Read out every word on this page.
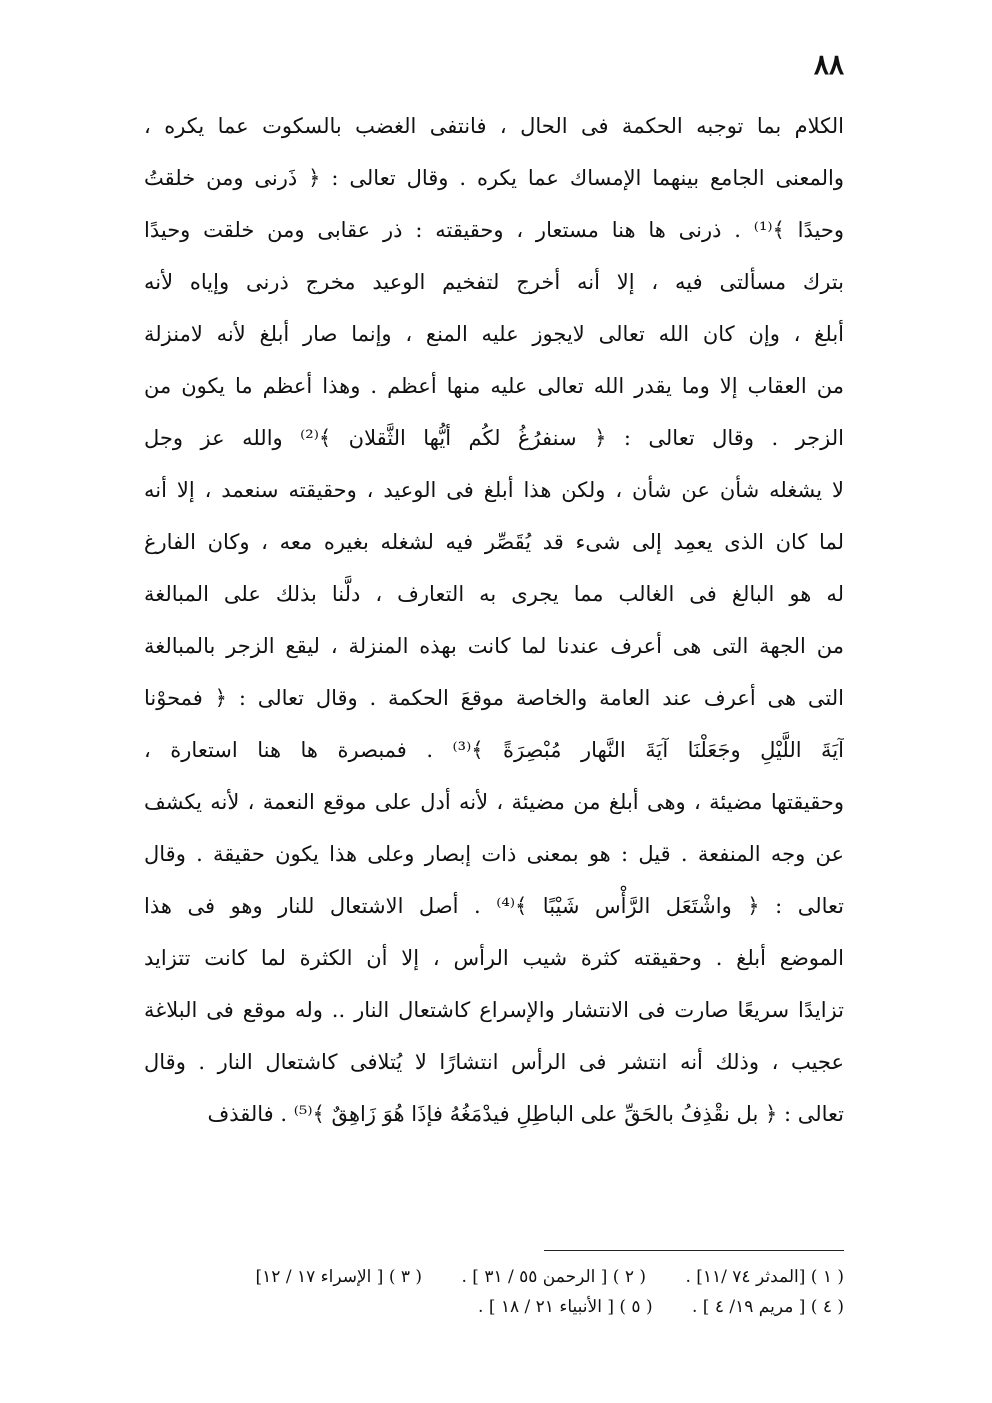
٨٨
الكلام بما توجبه الحكمة فى الحال ، فانتفى الغضب بالسكوت عما يكره ،
والمعنى الجامع بينهما الإمساك عما يكره . وقال تعالى : ﴿ ذَرنى ومن خلقتُ
وحيدًا ﴾⁽¹⁾ . ذرنى ها هنا مستعار ، وحقيقته : ذر عقابى ومن خلقت وحيدًا
بترك مسألتى فيه ، إلا أنه أخرج لتفخيم الوعيد مخرج ذرنى وإياه لأنه
أبلغ ، وإن كان الله تعالى لايجوز عليه المنع ، وإنما صار أبلغ لأنه لامنزلة
من العقاب إلا وما يقدر الله تعالى عليه منها أعظم . وهذا أعظم ما يكون من
الزجر . وقال تعالى : ﴿ سنفرُغُ لكُم أيُّها الثَّقلان ﴾⁽²⁾ والله عز وجل
لا يشغله شأن عن شأن ، ولكن هذا أبلغ فى الوعيد ، وحقيقته سنعمد ، إلا أنه
لما كان الذى يعمِد إلى شىء قد يُقَصِّر فيه لشغله بغيره معه ، وكان الفارغ
له هو البالغ فى الغالب مما يجرى به التعارف ، دلَّنا بذلك على المبالغة
من الجهة التى هى أعرف عندنا لما كانت بهذه المنزلة ، ليقع الزجر بالمبالغة
التى هى أعرف عند العامة والخاصة موقعَ الحكمة . وقال تعالى : ﴿ فمحوْنا
آيَةَ اللَّيْلِ وجَعَلْنَا آيَةَ النَّهار مُبْصِرَةً ﴾⁽³⁾ . فمبصرة ها هنا استعارة ،
وحقيقتها مضيئة ، وهى أبلغ من مضيئة ، لأنه أدل على موقع النعمة ، لأنه يكشف
عن وجه المنفعة . قيل : هو بمعنى ذات إبصار وعلى هذا يكون حقيقة . وقال
تعالى : ﴿ واشْتَعَل الرَّأْس شَيْبًا ﴾⁽⁴⁾ . أصل الاشتعال للنار وهو فى هذا
الموضع أبلغ . وحقيقته كثرة شيب الرأس ، إلا أن الكثرة لما كانت تتزايد
تزايدًا سريعًا صارت فى الانتشار والإسراع كاشتعال النار .. وله موقع فى البلاغة
عجيب ، وذلك أنه انتشر فى الرأس انتشارًا لا يُتلافى كاشتعال النار . وقال
تعالى : ﴿ بل نقْذِفُ بالحَقِّ على الباطِلِ فيدْمَغُهُ فإذَا هُوَ زَاهِقٌ ﴾⁽⁵⁾ . فالقذف
( ١ ) [المدثر ٧٤ /١١] . ( ٢ ) [ الرحمن ٥٥ / ٣١ ] . ( ٣ ) [ الإسراء ١٧ / ١٢]
( ٤ ) [ مريم ١٩/ ٤ ] . ( ٥ ) [ الأنبياء ٢١ / ١٨ ] .
